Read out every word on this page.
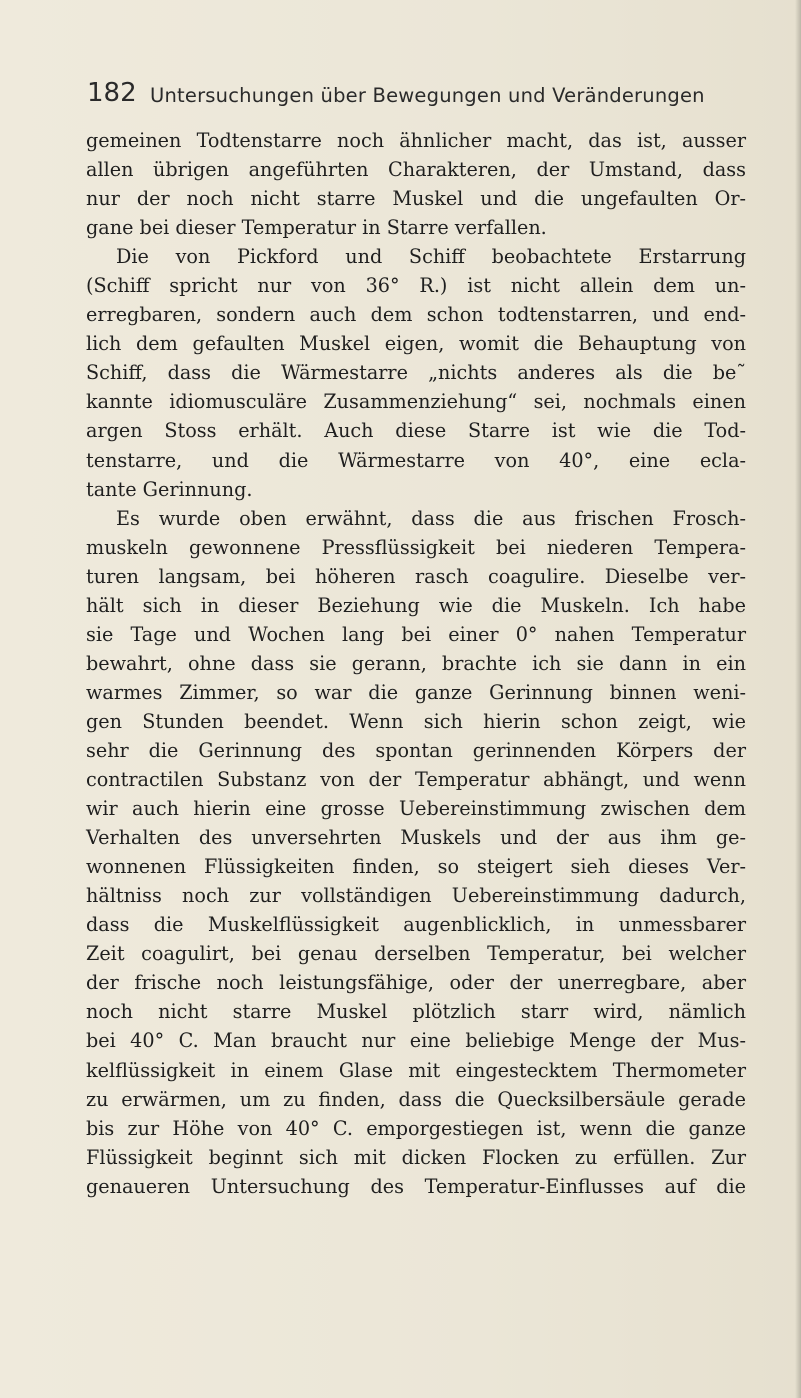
182 Untersuchungen über Bewegungen und Veränderungen
gemeinen Todtenstarre noch ähnlicher macht, das ist, ausser
allen übrigen angeführten Charakteren, der Umstand, dass
nur der noch nicht starre Muskel und die ungefaulten Or-
gane bei dieser Temperatur in Starre verfallen.
Die von Pickford und Schiff beobachtete Erstarrung
(Schiff spricht nur von 36° R.) ist nicht allein dem un-
erregbaren, sondern auch dem schon todtenstarren, und end-
lich dem gefaulten Muskel eigen, womit die Behauptung von
Schiff, dass die Wärmestarre „nichts anderes als die be˜
kannte idiomusculäre Zusammenziehung“ sei, nochmals einen
argen Stoss erhält. Auch diese Starre ist wie die Tod-
tenstarre, und die Wärmestarre von 40°, eine ecla-
tante Gerinnung.
Es wurde oben erwähnt, dass die aus frischen Frosch-
muskeln gewonnene Pressflüssigkeit bei niederen Tempera-
turen langsam, bei höheren rasch coagulire. Dieselbe ver-
hält sich in dieser Beziehung wie die Muskeln. Ich habe
sie Tage und Wochen lang bei einer 0° nahen Temperatur
bewahrt, ohne dass sie gerann, brachte ich sie dann in ein
warmes Zimmer, so war die ganze Gerinnung binnen weni-
gen Stunden beendet. Wenn sich hierin schon zeigt, wie
sehr die Gerinnung des spontan gerinnenden Körpers der
contractilen Substanz von der Temperatur abhängt, und wenn
wir auch hierin eine grosse Uebereinstimmung zwischen dem
Verhalten des unversehrten Muskels und der aus ihm ge-
wonnenen Flüssigkeiten finden, so steigert sieh dieses Ver-
hältniss noch zur vollständigen Uebereinstimmung dadurch,
dass die Muskelflüssigkeit augenblicklich, in unmessbarer
Zeit coagulirt, bei genau derselben Temperatur, bei welcher
der frische noch leistungsfähige, oder der unerregbare, aber
noch nicht starre Muskel plötzlich starr wird, nämlich
bei 40° C. Man braucht nur eine beliebige Menge der Mus-
kelflüssigkeit in einem Glase mit eingestecktem Thermometer
zu erwärmen, um zu finden, dass die Quecksilbersäule gerade
bis zur Höhe von 40° C. emporgestiegen ist, wenn die ganze
Flüssigkeit beginnt sich mit dicken Flocken zu erfüllen. Zur
genaueren Untersuchung des Temperatur-Einflusses auf die
